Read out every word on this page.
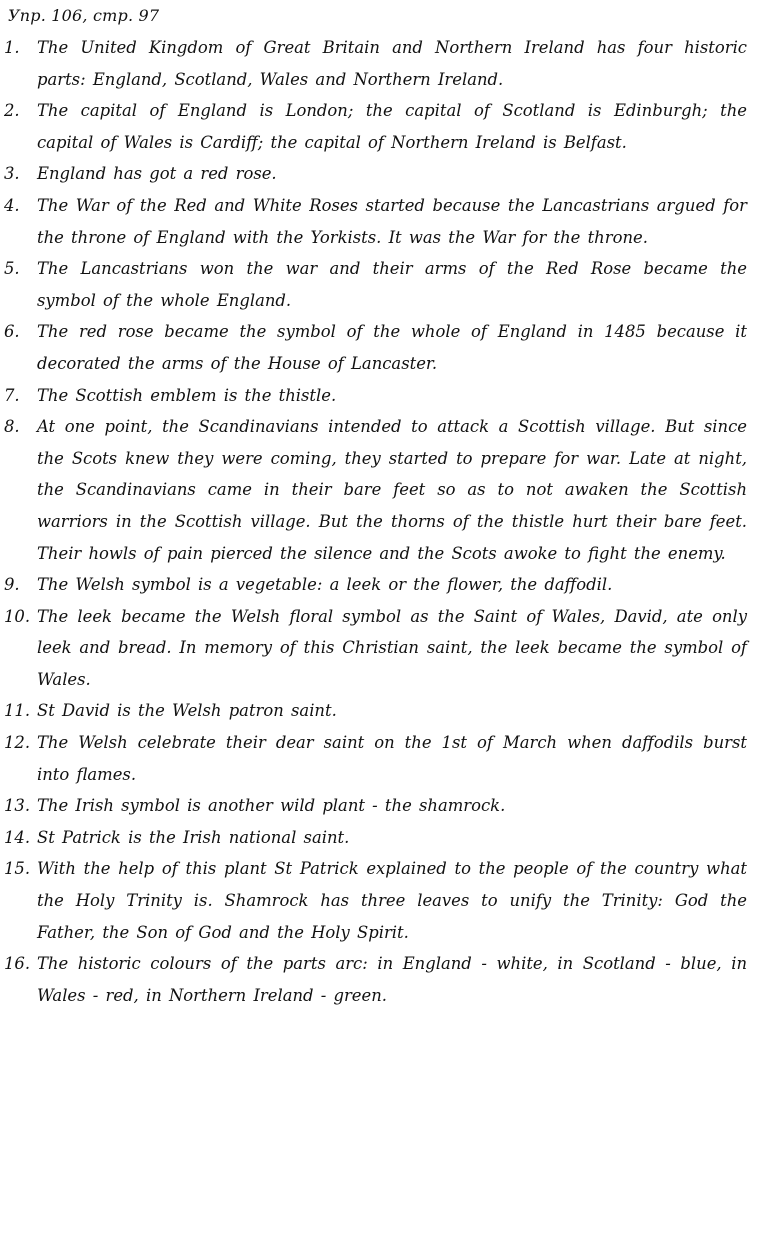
Упр. 106, стр. 97
1.	The United Kingdom of Great Britain and Northern Ireland has four historic parts: England, Scotland, Wales and Northern Ireland.
2.	The capital of England is London; the capital of Scotland is Edinburgh; the capital of Wales is Cardiff; the capital of Northern Ireland is Belfast.
3.	England has got a red rose.
4.	The War of the Red and White Roses started because the Lancastrians argued for the throne of England with the Yorkists. It was the War for the throne.
5.	The Lancastrians won the war and their arms of the Red Rose became the symbol of the whole England.
6.	The red rose became the symbol of the whole of England in 1485 because it decorated the arms of the House of Lancaster.
7.	The Scottish emblem is the thistle.
8.	At one point, the Scandinavians intended to attack a Scottish village. But since the Scots knew they were coming, they started to prepare for war. Late at night, the Scandinavians came in their bare feet so as to not awaken the Scottish warriors in the Scottish village. But the thorns of the thistle hurt their bare feet. Their howls of pain pierced the silence and the Scots awoke to fight the enemy.
9.	The Welsh symbol is a vegetable: a leek or the flower, the daffodil.
10. The leek became the Welsh floral symbol as the Saint of Wales, David, ate only leek and bread. In memory of this Christian saint, the leek became the symbol of Wales.
11. St David is the Welsh patron saint.
12. The Welsh celebrate their dear saint on the 1st of March when daffodils burst into flames.
13. The Irish symbol is another wild plant - the shamrock.
14. St Patrick is the Irish national saint.
15. With the help of this plant St Patrick explained to the people of the country what the Holy Trinity is. Shamrock has three leaves to unify the Trinity: God the Father, the Son of God and the Holy Spirit.
16. The historic colours of the parts arc: in England - white, in Scotland - blue, in Wales - red, in Northern Ireland - green.
